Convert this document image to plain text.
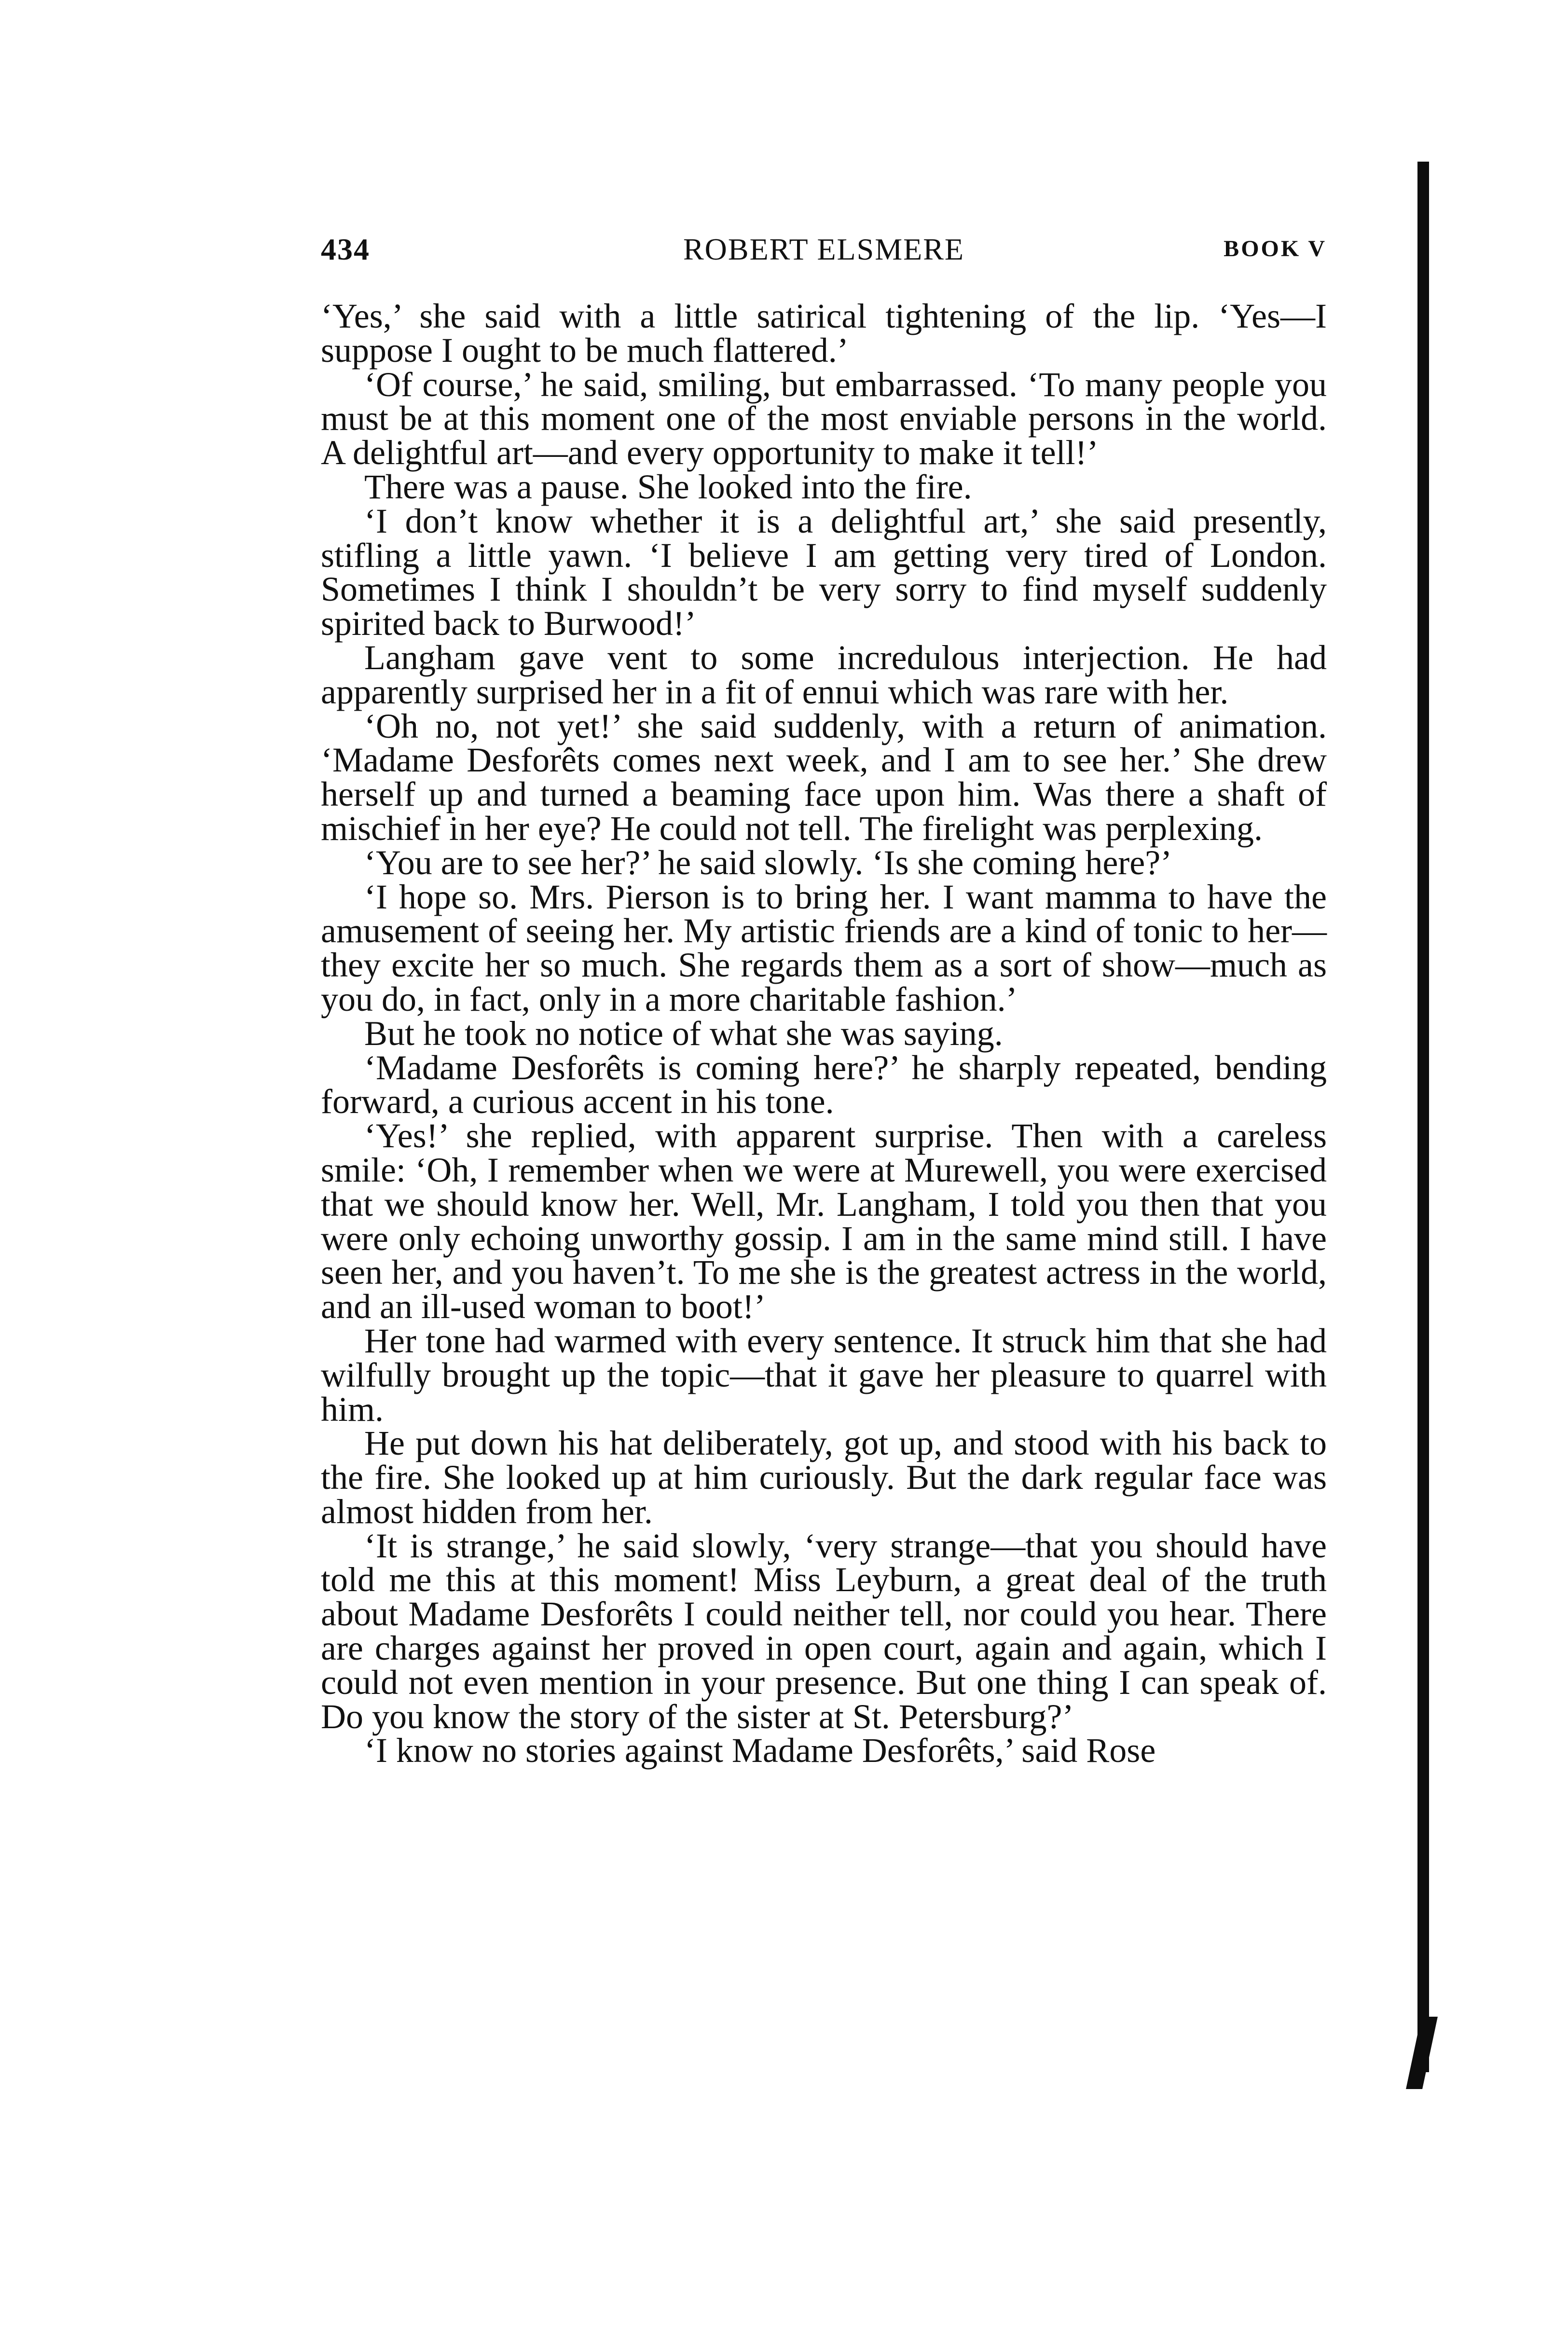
434	ROBERT ELSMERE	BOOK V

‘Yes,’ she said with a little satirical tightening of the lip. ‘Yes—I suppose I ought to be much flattered.’

‘Of course,’ he said, smiling, but embarrassed. ‘To many people you must be at this moment one of the most enviable persons in the world. A delightful art—and every opportunity to make it tell!’

There was a pause. She looked into the fire.

‘I don’t know whether it is a delightful art,’ she said presently, stifling a little yawn. ‘I believe I am getting very tired of London. Sometimes I think I shouldn’t be very sorry to find myself suddenly spirited back to Burwood!’

Langham gave vent to some incredulous interjection. He had apparently surprised her in a fit of ennui which was rare with her.

‘Oh no, not yet!’ she said suddenly, with a return of animation. ‘Madame Desforêts comes next week, and I am to see her.’ She drew herself up and turned a beaming face upon him. Was there a shaft of mischief in her eye? He could not tell. The firelight was perplexing.

‘You are to see her?’ he said slowly. ‘Is she coming here?’

‘I hope so. Mrs. Pierson is to bring her. I want mamma to have the amusement of seeing her. My artistic friends are a kind of tonic to her—they excite her so much. She regards them as a sort of show—much as you do, in fact, only in a more charitable fashion.’

But he took no notice of what she was saying.

‘Madame Desforêts is coming here?’ he sharply repeated, bending forward, a curious accent in his tone.

‘Yes!’ she replied, with apparent surprise. Then with a careless smile: ‘Oh, I remember when we were at Murewell, you were exercised that we should know her. Well, Mr. Langham, I told you then that you were only echoing unworthy gossip. I am in the same mind still. I have seen her, and you haven’t. To me she is the greatest actress in the world, and an ill-used woman to boot!’

Her tone had warmed with every sentence. It struck him that she had wilfully brought up the topic—that it gave her pleasure to quarrel with him.

He put down his hat deliberately, got up, and stood with his back to the fire. She looked up at him curiously. But the dark regular face was almost hidden from her.

‘It is strange,’ he said slowly, ‘very strange—that you should have told me this at this moment! Miss Leyburn, a great deal of the truth about Madame Desforêts I could neither tell, nor could you hear. There are charges against her proved in open court, again and again, which I could not even mention in your presence. But one thing I can speak of. Do you know the story of the sister at St. Petersburg?’

‘I know no stories against Madame Desforêts,’ said Rose
